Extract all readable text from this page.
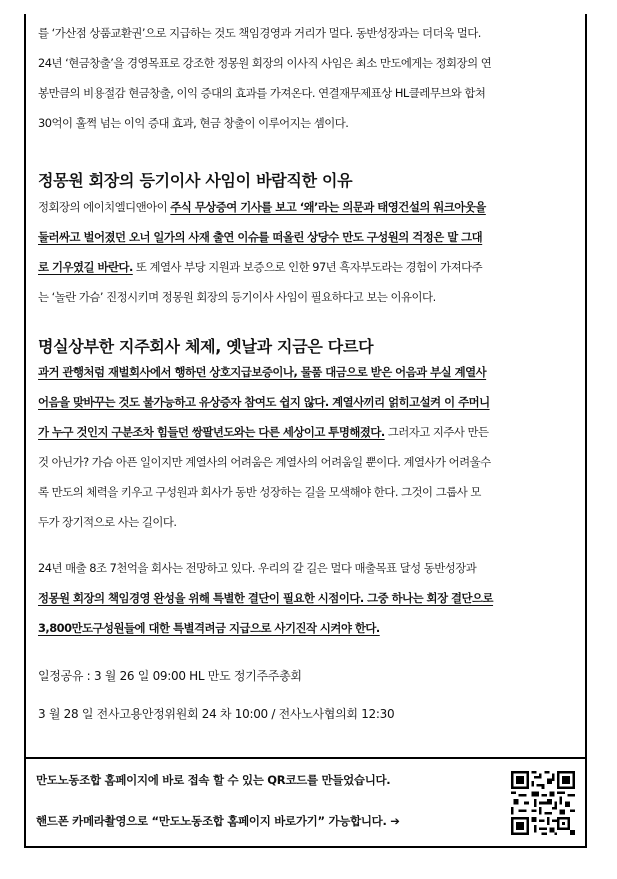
를 ‘가산점 상품교환권’으로 지급하는 것도 책임경영과 거리가 멀다. 동반성장과는 더더욱 멀다.

24년 ‘현금창출’을 경영목표로 강조한 정몽원 회장의 이사직 사임은 최소 만도에게는 정회장의 연

봉만큼의 비용절감 현금창출, 이익 증대의 효과를 가져온다. 연결재무제표상 HL클레무브와 합쳐

30억이 훌쩍 넘는 이익 증대 효과, 현금 창출이 이루어지는 셈이다.

정몽원 회장의 등기이사 사임이 바람직한 이유

정회장의 에이치엘디앤아이 주식 무상증여 기사를 보고 ‘왜’라는 의문과 태영건설의 워크아웃을

둘러싸고 벌어졌던 오너 일가의 사재 출연 이슈를 떠올린 상당수 만도 구성원의 걱정은 말 그대

로 기우였길 바란다. 또 계열사 부당 지원과 보증으로 인한 97년 흑자부도라는 경험이 가져다주

는 ‘놀란 가슴’ 진정시키며 정몽원 회장의 등기이사 사임이 필요하다고 보는 이유이다.

명실상부한 지주회사 체제, 옛날과 지금은 다르다

과거 관행처럼 재벌회사에서 행하던 상호지급보증이나, 물품 대금으로 받은 어음과 부실 계열사

어음을 맞바꾸는 것도 불가능하고 유상증자 참여도 쉽지 않다. 계열사끼리 얽히고설켜 이 주머니

가 누구 것인지 구분조차 힘들던 쌍팔년도와는 다른 세상이고 투명해졌다. 그러자고 지주사 만든

것 아닌가? 가슴 아픈 일이지만 계열사의 어려움은 계열사의 어려움일 뿐이다. 계열사가 어려울수

록 만도의 체력을 키우고 구성원과 회사가 동반 성장하는 길을 모색해야 한다. 그것이 그룹사 모

두가 장기적으로 사는 길이다.

24년 매출 8조 7천억을 회사는 전망하고 있다. 우리의 갈 길은 멀다 매출목표 달성 동반성장과

정몽원 회장의 책임경영 완성을 위해 특별한 결단이 필요한 시점이다. 그중 하나는 회장 결단으로

3,800만도구성원들에 대한 특별격려금 지급으로 사기진작 시켜야 한다.

일정공유 : 3 월 26 일 09:00 HL 만도 정기주주총회

3 월 28 일 전사고용안정위원회 24 차 10:00 / 전사노사협의회 12:30

만도노동조합 홈페이지에 바로 접속 할 수 있는 QR코드를 만들었습니다.
핸드폰 카메라촬영으로 “만도노동조합 홈페이지 바로가기” 가능합니다. ➔
